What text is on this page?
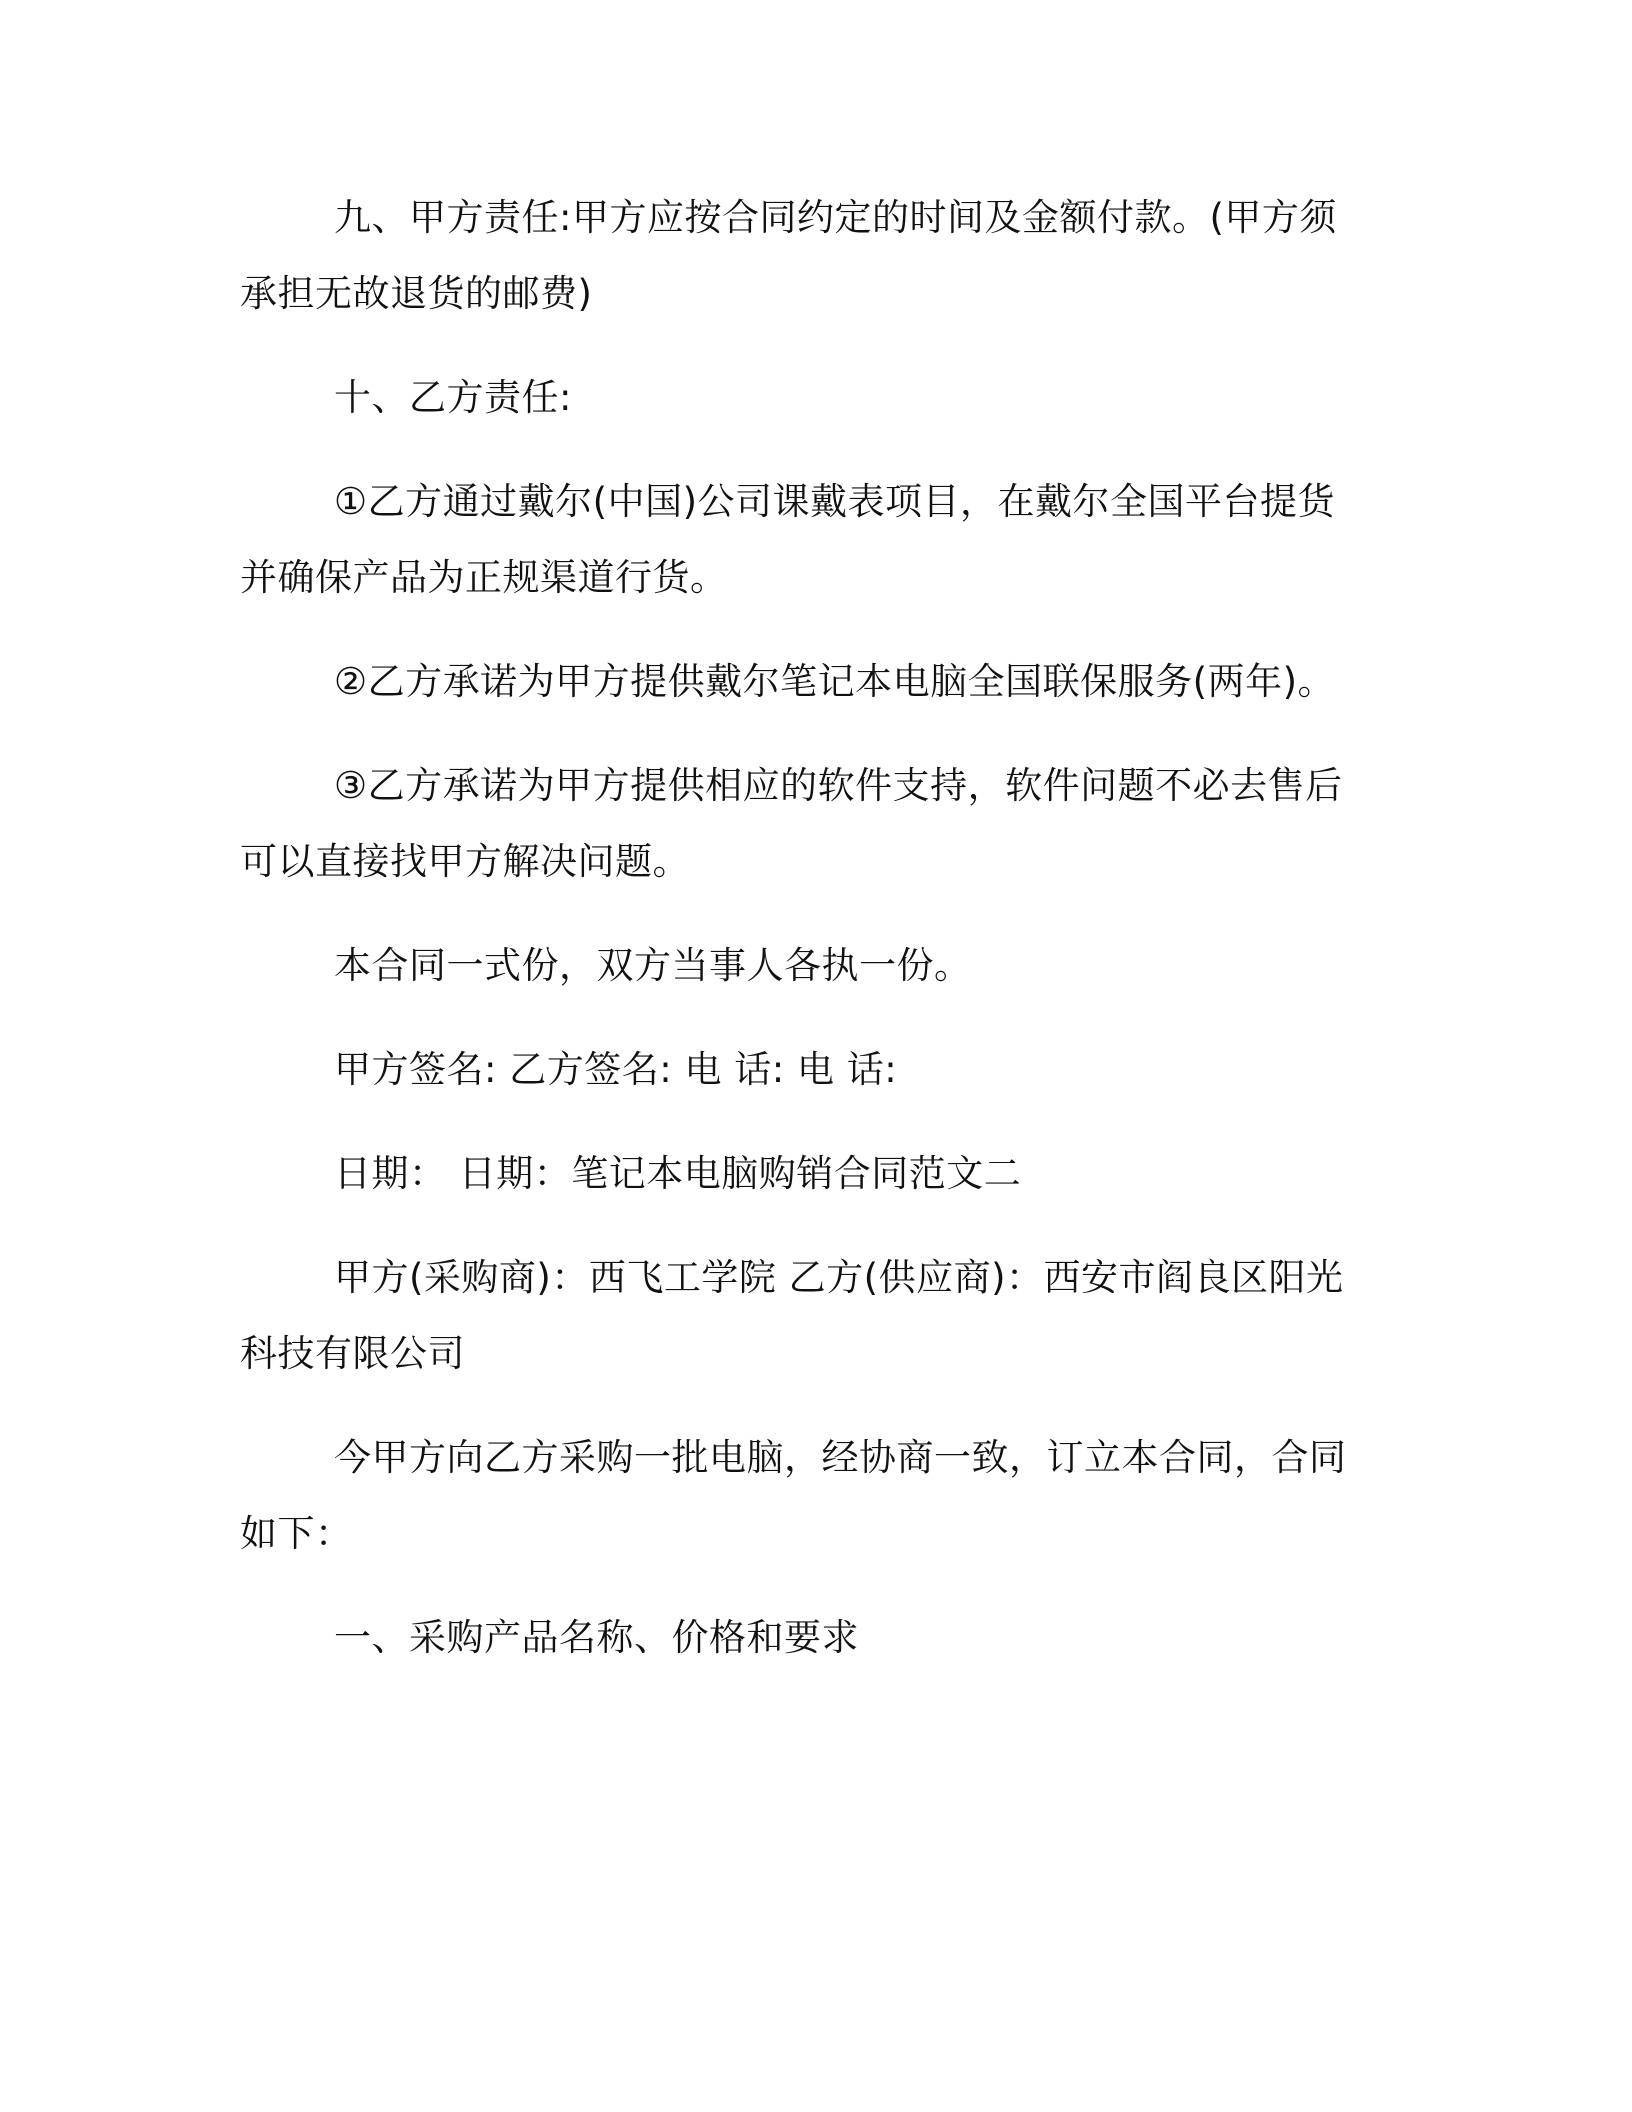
九、甲方责任:甲方应按合同约定的时间及金额付款。(甲方须承担无故退货的邮费)

十、乙方责任:

①乙方通过戴尔(中国)公司课戴表项目，在戴尔全国平台提货并确保产品为正规渠道行货。

②乙方承诺为甲方提供戴尔笔记本电脑全国联保服务(两年)。

③乙方承诺为甲方提供相应的软件支持，软件问题不必去售后可以直接找甲方解决问题。

本合同一式份，双方当事人各执一份。

甲方签名: 乙方签名: 电 话: 电 话:

日期： 日期：笔记本电脑购销合同范文二

甲方(采购商)：西飞工学院 乙方(供应商)：西安市阎良区阳光科技有限公司

今甲方向乙方采购一批电脑，经协商一致，订立本合同，合同如下：

一、采购产品名称、价格和要求
